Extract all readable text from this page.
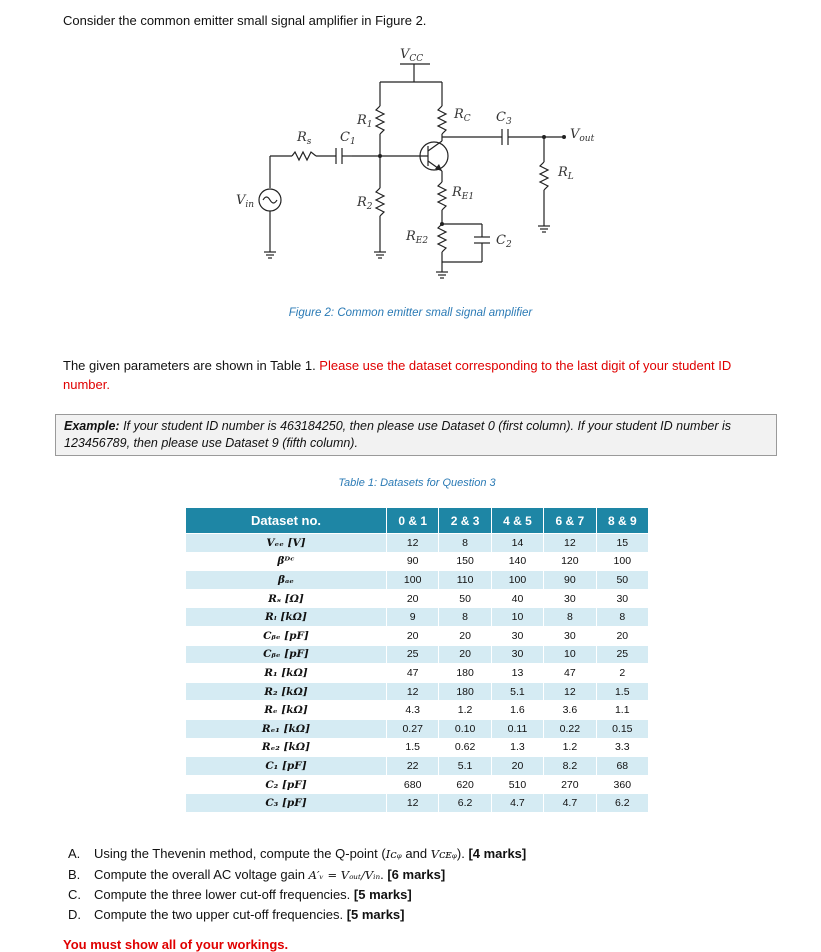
Consider the common emitter small signal amplifier in Figure 2.
$V_{CC}$
$R_1$
$R_s$ $C_1$
$R_C$ $C_3$
$V_{out}$
$R_L$
$V_{in}$	$R_2$
$R_{E1}$
$R_{E2}$	$C_2$
Figure 2: Common emitter small signal amplifier
The given parameters are shown in Table 1. Please use the dataset corresponding to the last digit of your student ID number.
Example: If your student ID number is 463184250, then please use Dataset 0 (first column). If your student ID number is 123456789, then please use Dataset 9 (fifth column).
Table 1: Datasets for Question 3
Dataset no.	0 & 1	2 & 3	4 & 5	6 & 7	8 & 9
Vₑₑ [V]	12	8	14	12	15
βᴰᶜ	90	150	140	120	100
βₐₑ	100	110	100	90	50
Rₛ [Ω]	20	50	40	30	30
Rₗ [kΩ]	9	8	10	8	8
Cᵦₑ [pF]	20	20	30	30	20
Cᵦₑ [pF]	25	20	30	10	25
R₁ [kΩ]	47	180	13	47	2
R₂ [kΩ]	12	180	5.1	12	1.5
Rₑ [kΩ]	4.3	1.2	1.6	3.6	1.1
Rₑ₁ [kΩ]	0.27	0.10	0.11	0.22	0.15
Rₑ₂ [kΩ]	1.5	0.62	1.3	1.2	3.3
C₁ [pF]	22	5.1	20	8.2	68
C₂ [pF]	680	620	510	270	360
C₃ [pF]	12	6.2	4.7	4.7	6.2
A. Using the Thevenin method, compute the Q-point (Iᴄᵩ and Vᴄᴇᵩ). [4 marks]
B. Compute the overall AC voltage gain A′ᵥ = Vₒᵤₜ/Vᵢₙ. [6 marks]
C. Compute the three lower cut-off frequencies. [5 marks]
D. Compute the two upper cut-off frequencies. [5 marks]
You must show all of your workings.
